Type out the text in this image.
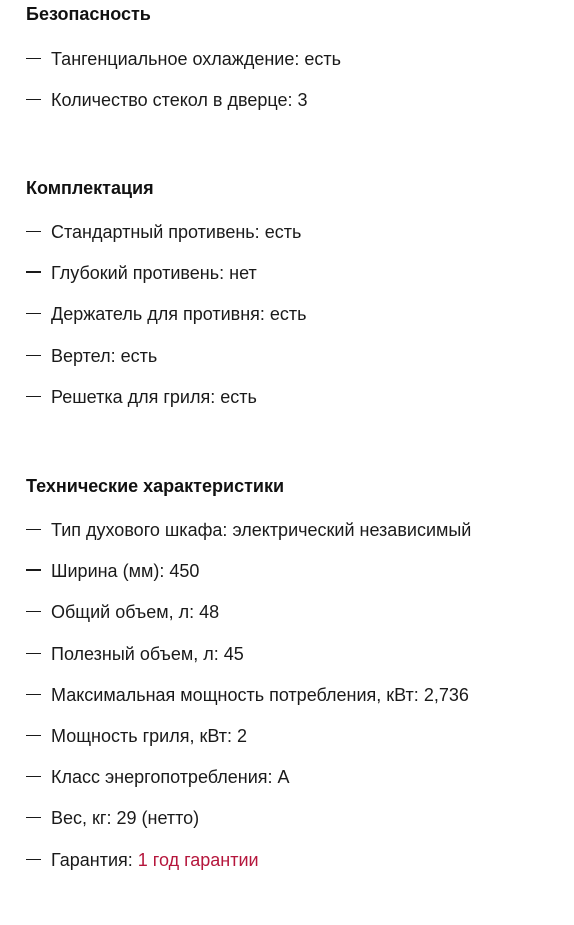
Безопасность
Тангенциальное охлаждение: есть
Количество стекол в дверце: 3
Комплектация
Стандартный противень: есть
Глубокий противень: нет
Держатель для противня: есть
Вертел: есть
Решетка для гриля: есть
Технические характеристики
Тип духового шкафа: электрический независимый
Ширина (мм): 450
Общий объем, л: 48
Полезный объем, л: 45
Максимальная мощность потребления, кВт: 2,736
Мощность гриля, кВт: 2
Класс энергопотребления: A
Вес, кг: 29 (нетто)
Гарантия: 1 год гарантии
